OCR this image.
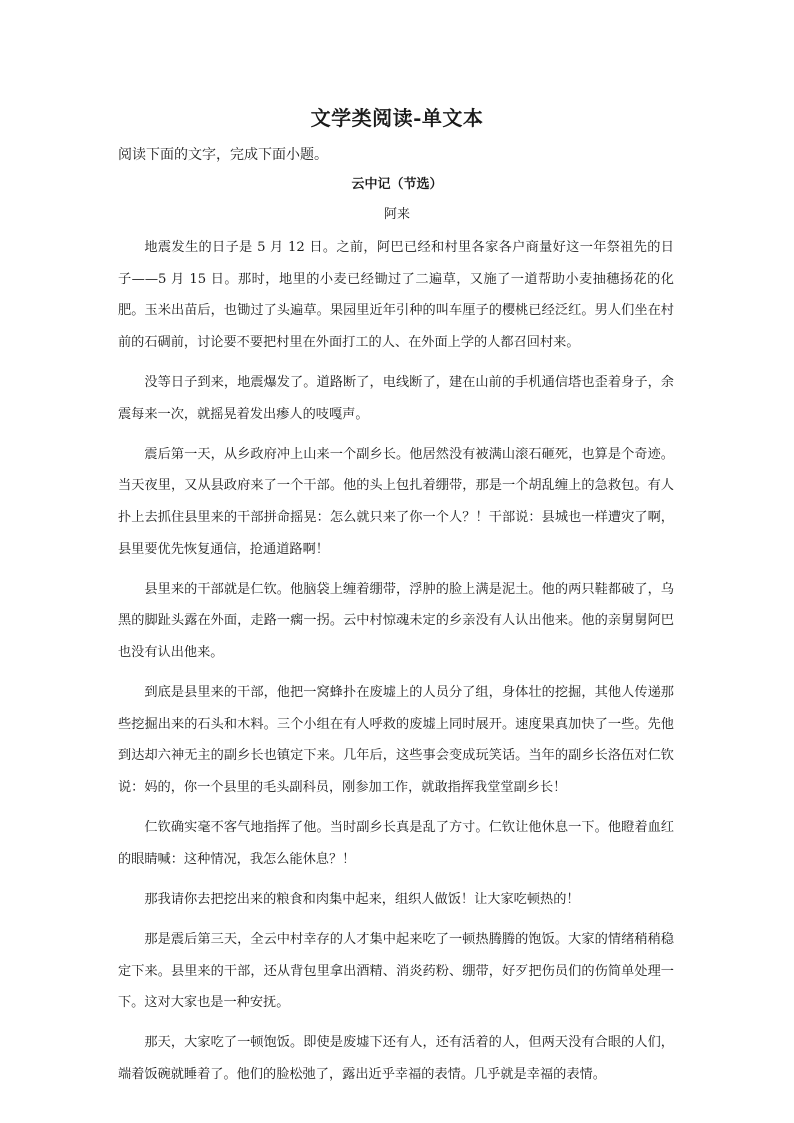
文学类阅读-单文本
阅读下面的文字，完成下面小题。
云中记（节选）
阿来

地震发生的日子是 5 月 12 日。之前，阿巴已经和村里各家各户商量好这一年祭祖先的日子——5 月 15 日。那时，地里的小麦已经锄过了二遍草，又施了一道帮助小麦抽穗扬花的化肥。玉米出苗后，也锄过了头遍草。果园里近年引种的叫车厘子的樱桃已经泛红。男人们坐在村前的石碉前，讨论要不要把村里在外面打工的人、在外面上学的人都召回村来。

没等日子到来，地震爆发了。道路断了，电线断了，建在山前的手机通信塔也歪着身子，余震每来一次，就摇晃着发出瘆人的吱嘎声。

震后第一天，从乡政府冲上山来一个副乡长。他居然没有被满山滚石砸死，也算是个奇迹。当天夜里，又从县政府来了一个干部。他的头上包扎着绷带，那是一个胡乱缠上的急救包。有人扑上去抓住县里来的干部拼命摇晃：怎么就只来了你一个人？！干部说：县城也一样遭灾了啊，县里要优先恢复通信，抢通道路啊！

县里来的干部就是仁钦。他脑袋上缠着绷带，浮肿的脸上满是泥土。他的两只鞋都破了，乌黑的脚趾头露在外面，走路一瘸一拐。云中村惊魂未定的乡亲没有人认出他来。他的亲舅舅阿巴也没有认出他来。

到底是县里来的干部，他把一窝蜂扑在废墟上的人员分了组，身体壮的挖掘，其他人传递那些挖掘出来的石头和木料。三个小组在有人呼救的废墟上同时展开。速度果真加快了一些。先他到达却六神无主的副乡长也镇定下来。几年后，这些事会变成玩笑话。当年的副乡长洛伍对仁钦说：妈的，你一个县里的毛头副科员，刚参加工作，就敢指挥我堂堂副乡长！

仁钦确实毫不客气地指挥了他。当时副乡长真是乱了方寸。仁钦让他休息一下。他瞪着血红的眼睛喊：这种情况，我怎么能休息？！

那我请你去把挖出来的粮食和肉集中起来，组织人做饭！让大家吃顿热的！

那是震后第三天，全云中村幸存的人才集中起来吃了一顿热腾腾的饱饭。大家的情绪稍稍稳定下来。县里来的干部，还从背包里拿出酒精、消炎药粉、绷带，好歹把伤员们的伤简单处理一下。这对大家也是一种安抚。

那天，大家吃了一顿饱饭。即使是废墟下还有人，还有活着的人，但两天没有合眼的人们，端着饭碗就睡着了。他们的脸松弛了，露出近乎幸福的表情。几乎就是幸福的表情。
